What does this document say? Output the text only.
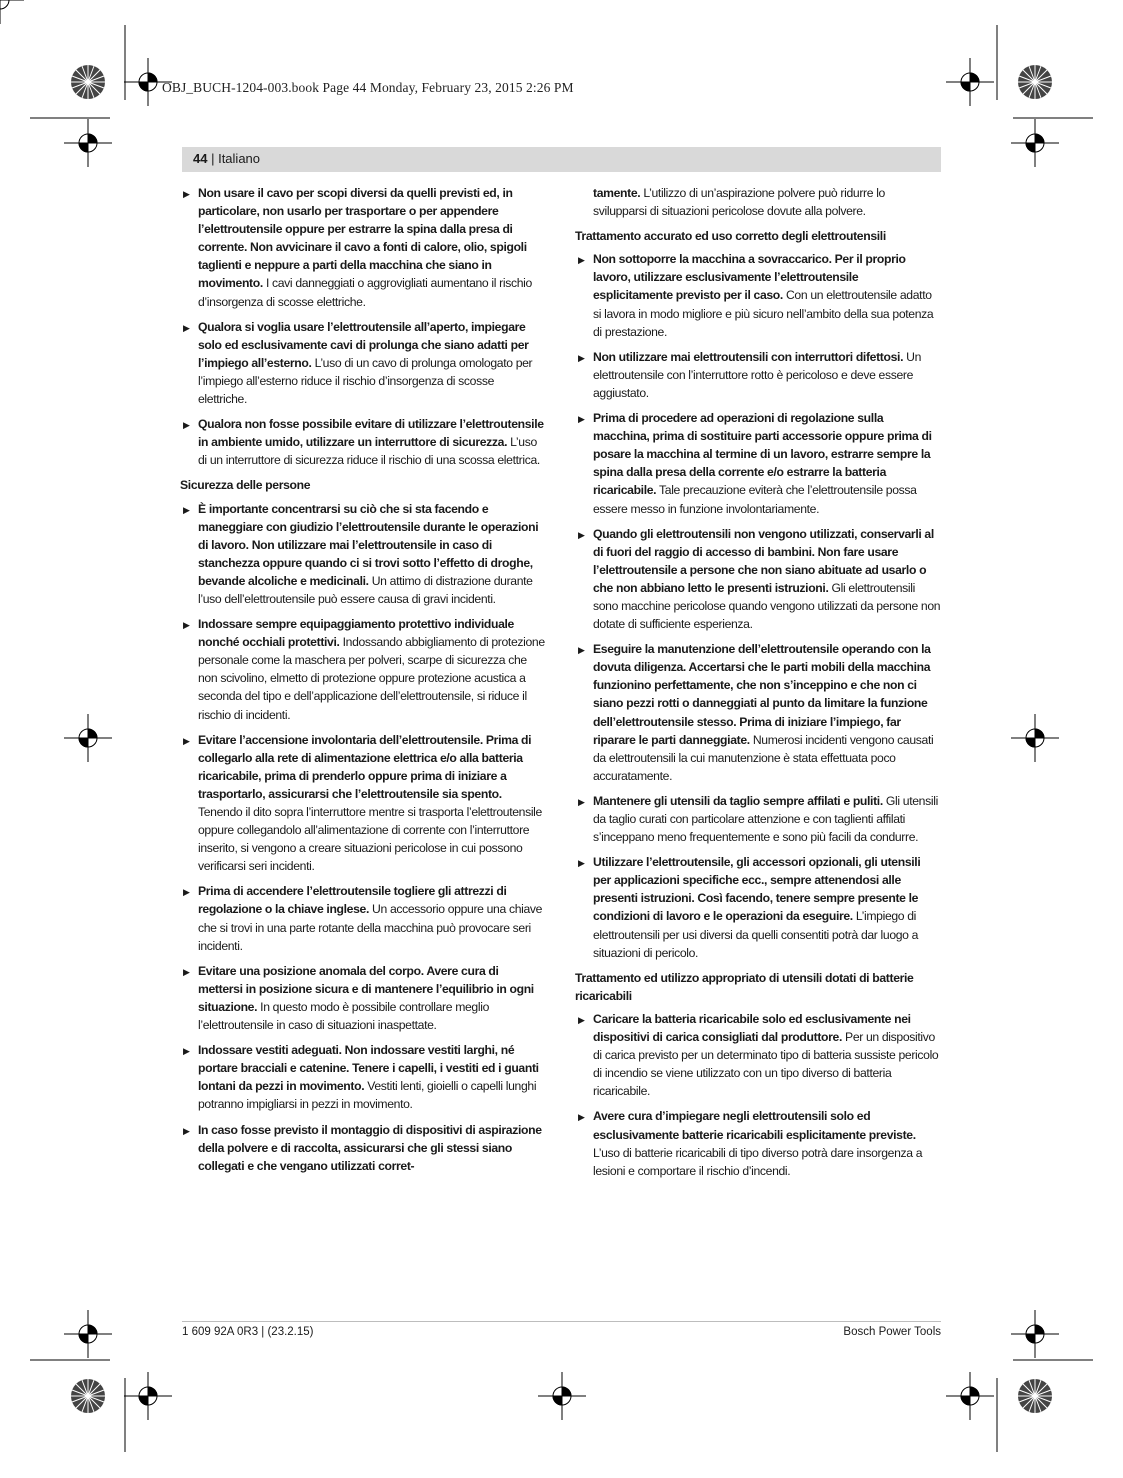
OBJ_BUCH-1204-003.book Page 44 Monday, February 23, 2015 2:26 PM
44 | Italiano
▶ Non usare il cavo per scopi diversi da quelli previsti ed, in particolare, non usarlo per trasportare o per appendere l’elettroutensile oppure per estrarre la spina dalla presa di corrente. Non avvicinare il cavo a fonti di calore, olio, spigoli taglienti e neppure a parti della macchina che siano in movimento. I cavi danneggiati o aggrovigliati aumentano il rischio d’insorgenza di scosse elettriche.
▶ Qualora si voglia usare l’elettroutensile all’aperto, impiegare solo ed esclusivamente cavi di prolunga che siano adatti per l’impiego all’esterno. L’uso di un cavo di prolunga omologato per l’impiego all’esterno riduce il rischio d’insorgenza di scosse elettriche.
▶ Qualora non fosse possibile evitare di utilizzare l’elettroutensile in ambiente umido, utilizzare un interruttore di sicurezza. L’uso di un interruttore di sicurezza riduce il rischio di una scossa elettrica.
Sicurezza delle persone
▶ È importante concentrarsi su ciò che si sta facendo e maneggiare con giudizio l’elettroutensile durante le operazioni di lavoro. Non utilizzare mai l’elettroutensile in caso di stanchezza oppure quando ci si trovi sotto l’effetto di droghe, bevande alcoliche e medicinali. Un attimo di distrazione durante l’uso dell’elettroutensile può essere causa di gravi incidenti.
▶ Indossare sempre equipaggiamento protettivo individuale nonché occhiali protettivi. Indossando abbigliamento di protezione personale come la maschera per polveri, scarpe di sicurezza che non scivolino, elmetto di protezione oppure protezione acustica a seconda del tipo e dell’applicazione dell’elettroutensile, si riduce il rischio di incidenti.
▶ Evitare l’accensione involontaria dell’elettroutensile. Prima di collegarlo alla rete di alimentazione elettrica e/o alla batteria ricaricabile, prima di prenderlo oppure prima di iniziare a trasportarlo, assicurarsi che l’elettroutensile sia spento. Tenendo il dito sopra l’interruttore mentre si trasporta l’elettroutensile oppure collegandolo all’alimentazione di corrente con l’interruttore inserito, si vengono a creare situazioni pericolose in cui possono verificarsi seri incidenti.
▶ Prima di accendere l’elettroutensile togliere gli attrezzi di regolazione o la chiave inglese. Un accessorio oppure una chiave che si trovi in una parte rotante della macchina può provocare seri incidenti.
▶ Evitare una posizione anomala del corpo. Avere cura di mettersi in posizione sicura e di mantenere l’equilibrio in ogni situazione. In questo modo è possibile controllare meglio l’elettroutensile in caso di situazioni inaspettate.
▶ Indossare vestiti adeguati. Non indossare vestiti larghi, né portare bracciali e catenine. Tenere i capelli, i vestiti ed i guanti lontani da pezzi in movimento. Vestiti lenti, gioielli o capelli lunghi potranno impigliarsi in pezzi in movimento.
▶ In caso fosse previsto il montaggio di dispositivi di aspirazione della polvere e di raccolta, assicurarsi che gli stessi siano collegati e che vengano utilizzati corret-
tamente. L’utilizzo di un’aspirazione polvere può ridurre lo svilupparsi di situazioni pericolose dovute alla polvere.
Trattamento accurato ed uso corretto degli elettroutensili
▶ Non sottoporre la macchina a sovraccarico. Per il proprio lavoro, utilizzare esclusivamente l’elettroutensile esplicitamente previsto per il caso. Con un elettroutensile adatto si lavora in modo migliore e più sicuro nell’ambito della sua potenza di prestazione.
▶ Non utilizzare mai elettroutensili con interruttori difettosi. Un elettroutensile con l’interruttore rotto è pericoloso e deve essere aggiustato.
▶ Prima di procedere ad operazioni di regolazione sulla macchina, prima di sostituire parti accessorie oppure prima di posare la macchina al termine di un lavoro, estrarre sempre la spina dalla presa della corrente e/o estrarre la batteria ricaricabile. Tale precauzione eviterà che l’elettroutensile possa essere messo in funzione involontariamente.
▶ Quando gli elettroutensili non vengono utilizzati, conservarli al di fuori del raggio di accesso di bambini. Non fare usare l’elettroutensile a persone che non siano abituate ad usarlo o che non abbiano letto le presenti istruzioni. Gli elettroutensili sono macchine pericolose quando vengono utilizzati da persone non dotate di sufficiente esperienza.
▶ Eseguire la manutenzione dell’elettroutensile operando con la dovuta diligenza. Accertarsi che le parti mobili della macchina funzionino perfettamente, che non s’inceppino e che non ci siano pezzi rotti o danneggiati al punto da limitare la funzione dell’elettroutensile stesso. Prima di iniziare l’impiego, far riparare le parti danneggiate. Numerosi incidenti vengono causati da elettroutensili la cui manutenzione è stata effettuata poco accuratamente.
▶ Mantenere gli utensili da taglio sempre affilati e puliti. Gli utensili da taglio curati con particolare attenzione e con taglienti affilati s’inceppano meno frequentemente e sono più facili da condurre.
▶ Utilizzare l’elettroutensile, gli accessori opzionali, gli utensili per applicazioni specifiche ecc., sempre attenendosi alle presenti istruzioni. Così facendo, tenere sempre presente le condizioni di lavoro e le operazioni da eseguire. L’impiego di elettroutensili per usi diversi da quelli consentiti potrà dar luogo a situazioni di pericolo.
Trattamento ed utilizzo appropriato di utensili dotati di batterie ricaricabili
▶ Caricare la batteria ricaricabile solo ed esclusivamente nei dispositivi di carica consigliati dal produttore. Per un dispositivo di carica previsto per un determinato tipo di batteria sussiste pericolo di incendio se viene utilizzato con un tipo diverso di batteria ricaricabile.
▶ Avere cura d’impiegare negli elettroutensili solo ed esclusivamente batterie ricaricabili esplicitamente previste. L’uso di batterie ricaricabili di tipo diverso potrà dare insorgenza a lesioni e comportare il rischio d’incendi.
1 609 92A 0R3 | (23.2.15)	Bosch Power Tools
